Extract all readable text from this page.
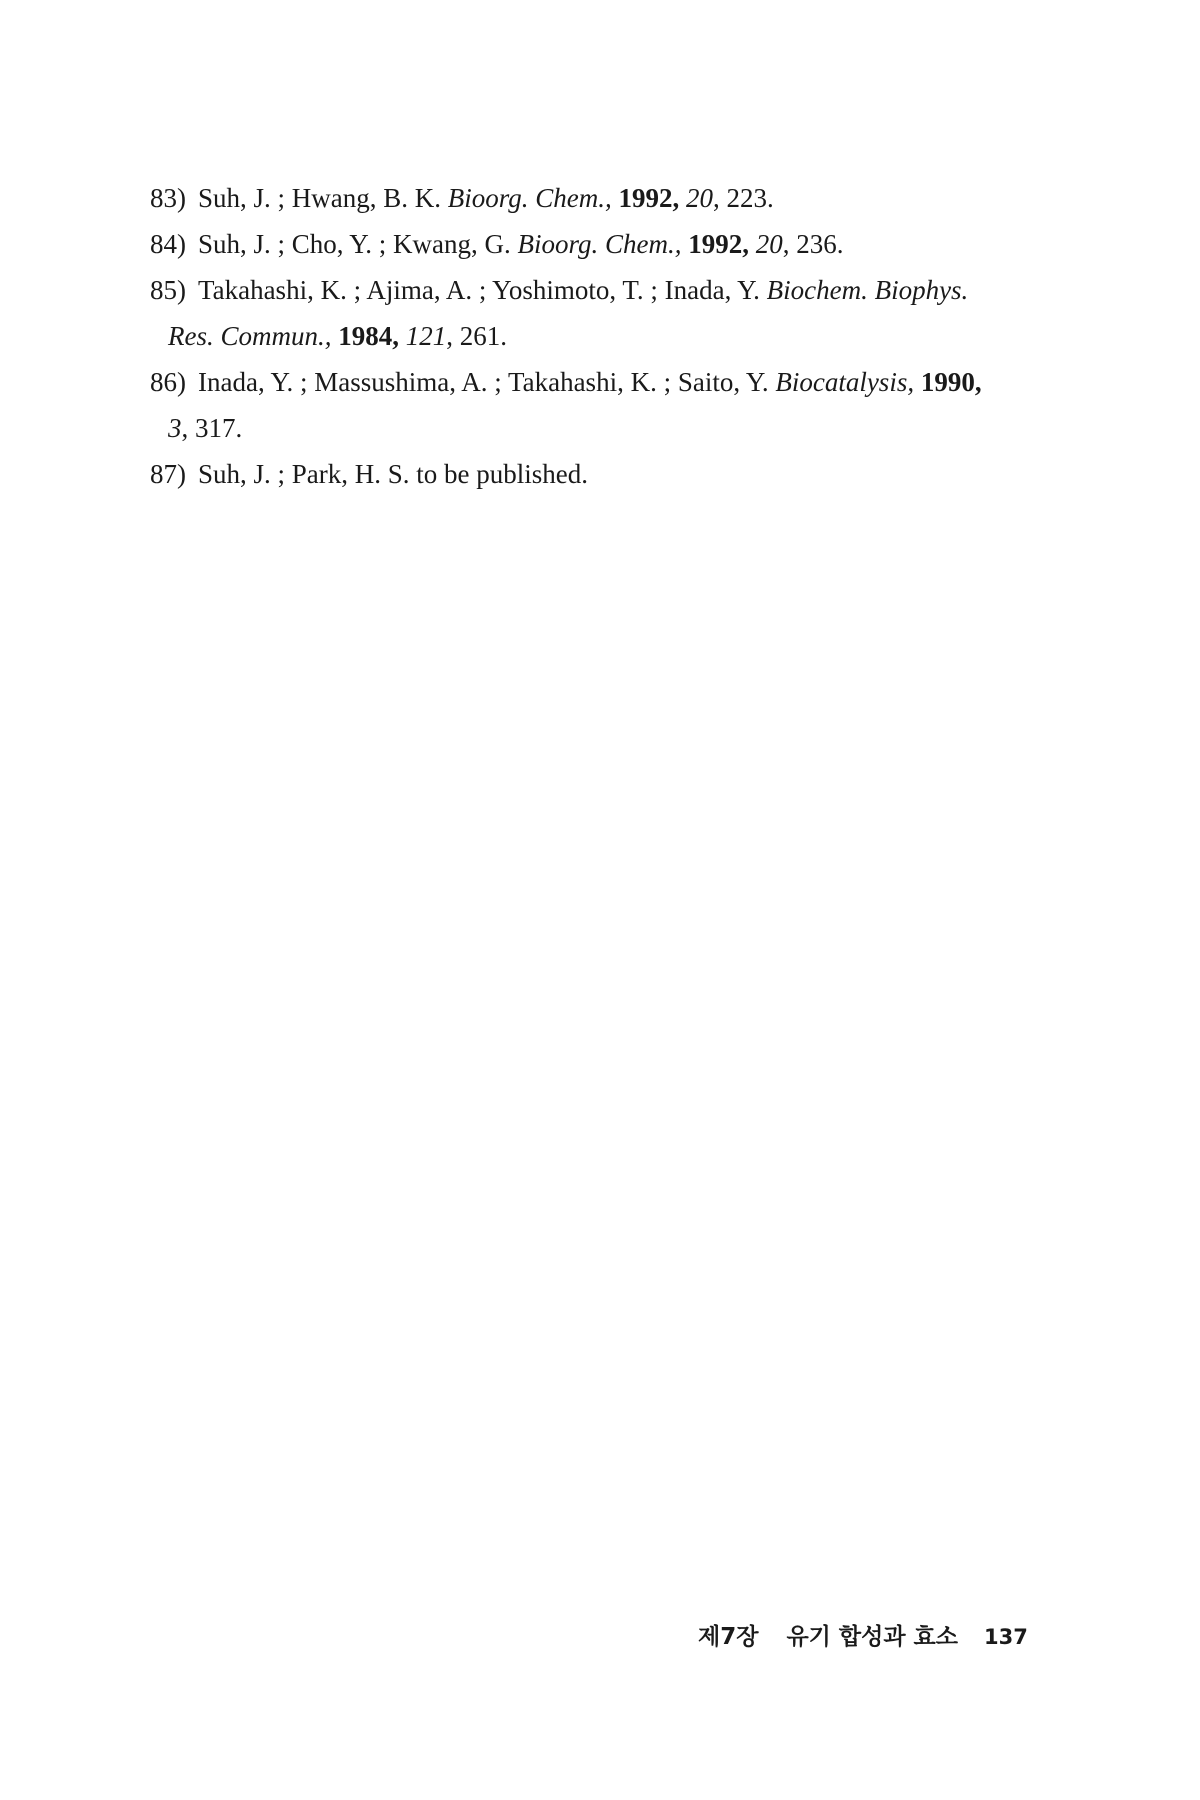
83) Suh, J. ; Hwang, B. K. Bioorg. Chem., 1992, 20, 223.
84) Suh, J. ; Cho, Y. ; Kwang, G. Bioorg. Chem., 1992, 20, 236.
85) Takahashi, K. ; Ajima, A. ; Yoshimoto, T. ; Inada, Y. Biochem. Biophys.
Res. Commun., 1984, 121, 261.
86) Inada, Y. ; Massushima, A. ; Takahashi, K. ; Saito, Y. Biocatalysis, 1990,
3, 317.
87) Suh, J. ; Park, H. S. to be published.
제7장 유기 합성과 효소 137
